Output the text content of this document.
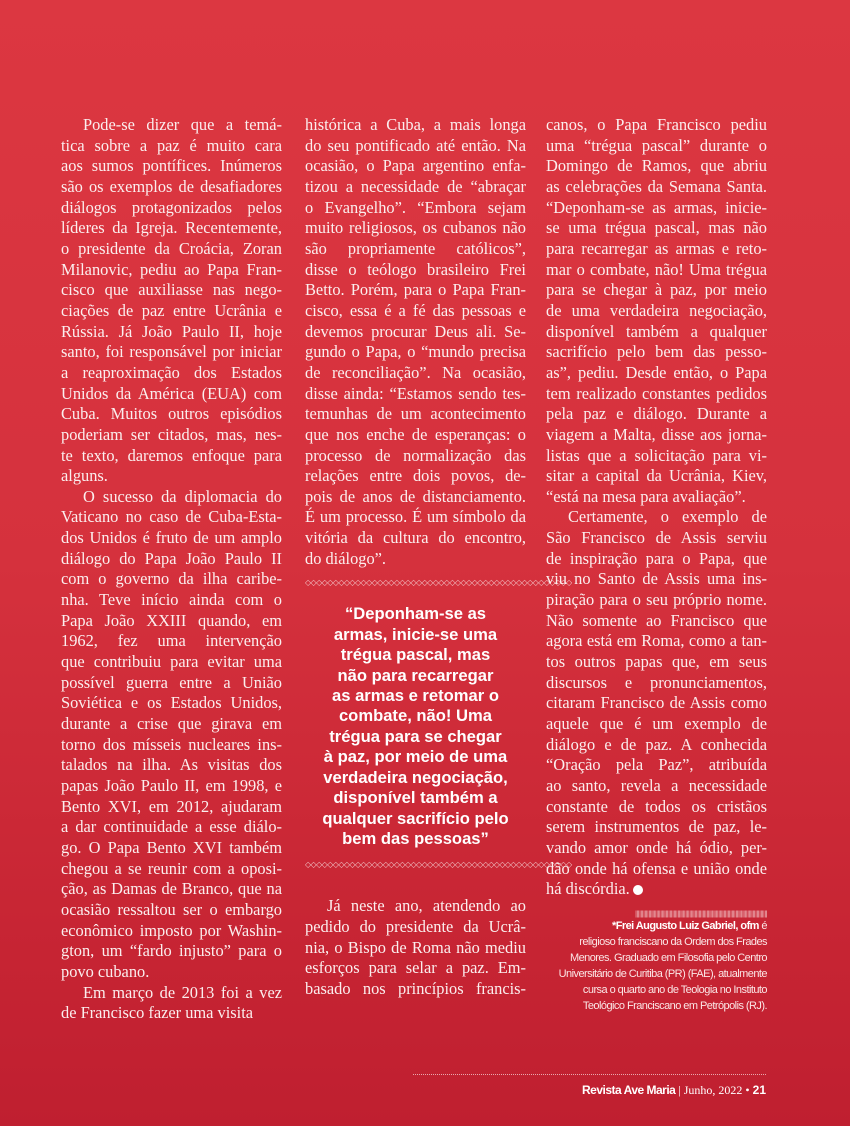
Pode-se dizer que a temá-
tica sobre a paz é muito cara
aos sumos pontífices. Inúmeros
são os exemplos de desafiadores
diálogos protagonizados pelos
líderes da Igreja. Recentemente,
o presidente da Croácia, Zoran
Milanovic, pediu ao Papa Fran-
cisco que auxiliasse nas nego-
ciações de paz entre Ucrânia e
Rússia. Já João Paulo II, hoje
santo, foi responsável por iniciar
a reaproximação dos Estados
Unidos da América (EUA) com
Cuba. Muitos outros episódios
poderiam ser citados, mas, nes-
te texto, daremos enfoque para
alguns.
O sucesso da diplomacia do
Vaticano no caso de Cuba-Esta-
dos Unidos é fruto de um amplo
diálogo do Papa João Paulo II
com o governo da ilha caribe-
nha. Teve início ainda com o
Papa João XXIII quando, em
1962, fez uma intervenção
que contribuiu para evitar uma
possível guerra entre a União
Soviética e os Estados Unidos,
durante a crise que girava em
torno dos mísseis nucleares ins-
talados na ilha. As visitas dos
papas João Paulo II, em 1998, e
Bento XVI, em 2012, ajudaram
a dar continuidade a esse diálo-
go. O Papa Bento XVI também
chegou a se reunir com a oposi-
ção, as Damas de Branco, que na
ocasião ressaltou ser o embargo
econômico imposto por Washin-
gton, um “fardo injusto” para o
povo cubano.
Em março de 2013 foi a vez
de Francisco fazer uma visita
histórica a Cuba, a mais longa
do seu pontificado até então. Na
ocasião, o Papa argentino enfa-
tizou a necessidade de “abraçar
o Evangelho”. “Embora sejam
muito religiosos, os cubanos não
são propriamente católicos”,
disse o teólogo brasileiro Frei
Betto. Porém, para o Papa Fran-
cisco, essa é a fé das pessoas e
devemos procurar Deus ali. Se-
gundo o Papa, o “mundo precisa
de reconciliação”. Na ocasião,
disse ainda: “Estamos sendo tes-
temunhas de um acontecimento
que nos enche de esperanças: o
processo de normalização das
relações entre dois povos, de-
pois de anos de distanciamento.
É um processo. É um símbolo da
vitória da cultura do encontro,
do diálogo”.
◇◇◇◇◇◇◇◇◇◇◇◇◇◇◇◇◇◇◇◇◇◇◇◇◇◇◇◇◇◇◇◇◇◇◇◇◇◇◇◇◇◇◇◇◇◇◇◇
“Deponham-se as
armas, inicie-se uma
trégua pascal, mas
não para recarregar
as armas e retomar o
combate, não! Uma
trégua para se chegar
à paz, por meio de uma
verdadeira negociação,
disponível também a
qualquer sacrifício pelo
bem das pessoas”
◇◇◇◇◇◇◇◇◇◇◇◇◇◇◇◇◇◇◇◇◇◇◇◇◇◇◇◇◇◇◇◇◇◇◇◇◇◇◇◇◇◇◇◇◇◇◇◇
Já neste ano, atendendo ao
pedido do presidente da Ucrâ-
nia, o Bispo de Roma não mediu
esforços para selar a paz. Em-
basado nos princípios francis-
canos, o Papa Francisco pediu
uma “trégua pascal” durante o
Domingo de Ramos, que abriu
as celebrações da Semana Santa.
“Deponham-se as armas, inicie-
se uma trégua pascal, mas não
para recarregar as armas e reto-
mar o combate, não! Uma trégua
para se chegar à paz, por meio
de uma verdadeira negociação,
disponível também a qualquer
sacrifício pelo bem das pesso-
as”, pediu. Desde então, o Papa
tem realizado constantes pedidos
pela paz e diálogo. Durante a
viagem a Malta, disse aos jorna-
listas que a solicitação para vi-
sitar a capital da Ucrânia, Kiev,
“está na mesa para avaliação”.
Certamente, o exemplo de
São Francisco de Assis serviu
de inspiração para o Papa, que
viu no Santo de Assis uma ins-
piração para o seu próprio nome.
Não somente ao Francisco que
agora está em Roma, como a tan-
tos outros papas que, em seus
discursos e pronunciamentos,
citaram Francisco de Assis como
aquele que é um exemplo de
diálogo e de paz. A conhecida
“Oração pela Paz”, atribuída
ao santo, revela a necessidade
constante de todos os cristãos
serem instrumentos de paz, le-
vando amor onde há ódio, per-
dão onde há ofensa e união onde
há discórdia.
||||||||||||||||||||||||||||||||||||||||||||||||||||||||||||||||||||||||||||||||||||||||||||||||||||
*Frei Augusto Luiz Gabriel, ofm é
religioso franciscano da Ordem dos Frades
Menores. Graduado em Filosofia pelo Centro
Universitário de Curitiba (PR) (FAE), atualmente
cursa o quarto ano de Teologia no Instituto
Teológico Franciscano em Petrópolis (RJ).
Revista Ave Maria | Junho, 2022 • 21
